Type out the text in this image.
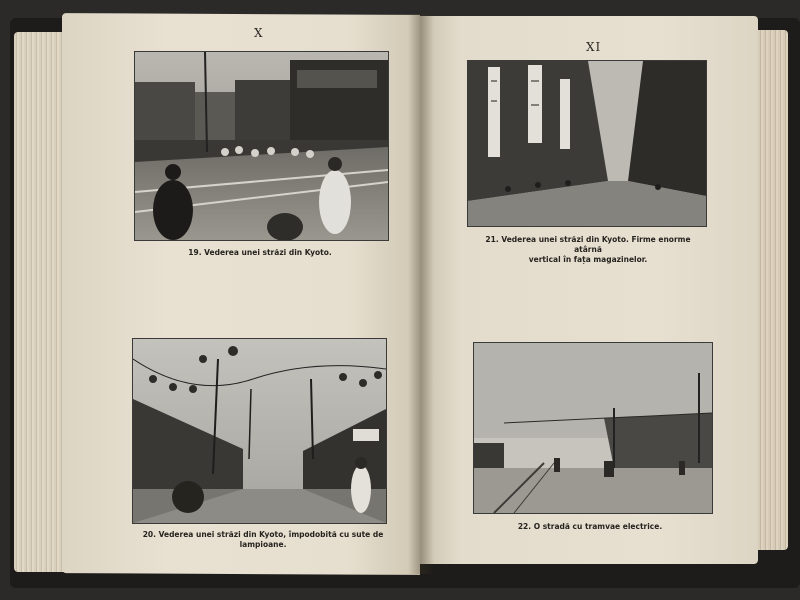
X
XI
19. Vederea unei străzi din Kyoto.
20. Vederea unei străzi din Kyoto, împodobită cu sute de lampioane.
21. Vederea unei străzi din Kyoto. Firme enorme atârnă
vertical în fața magazinelor.
22. O stradă cu tramvae electrice.
